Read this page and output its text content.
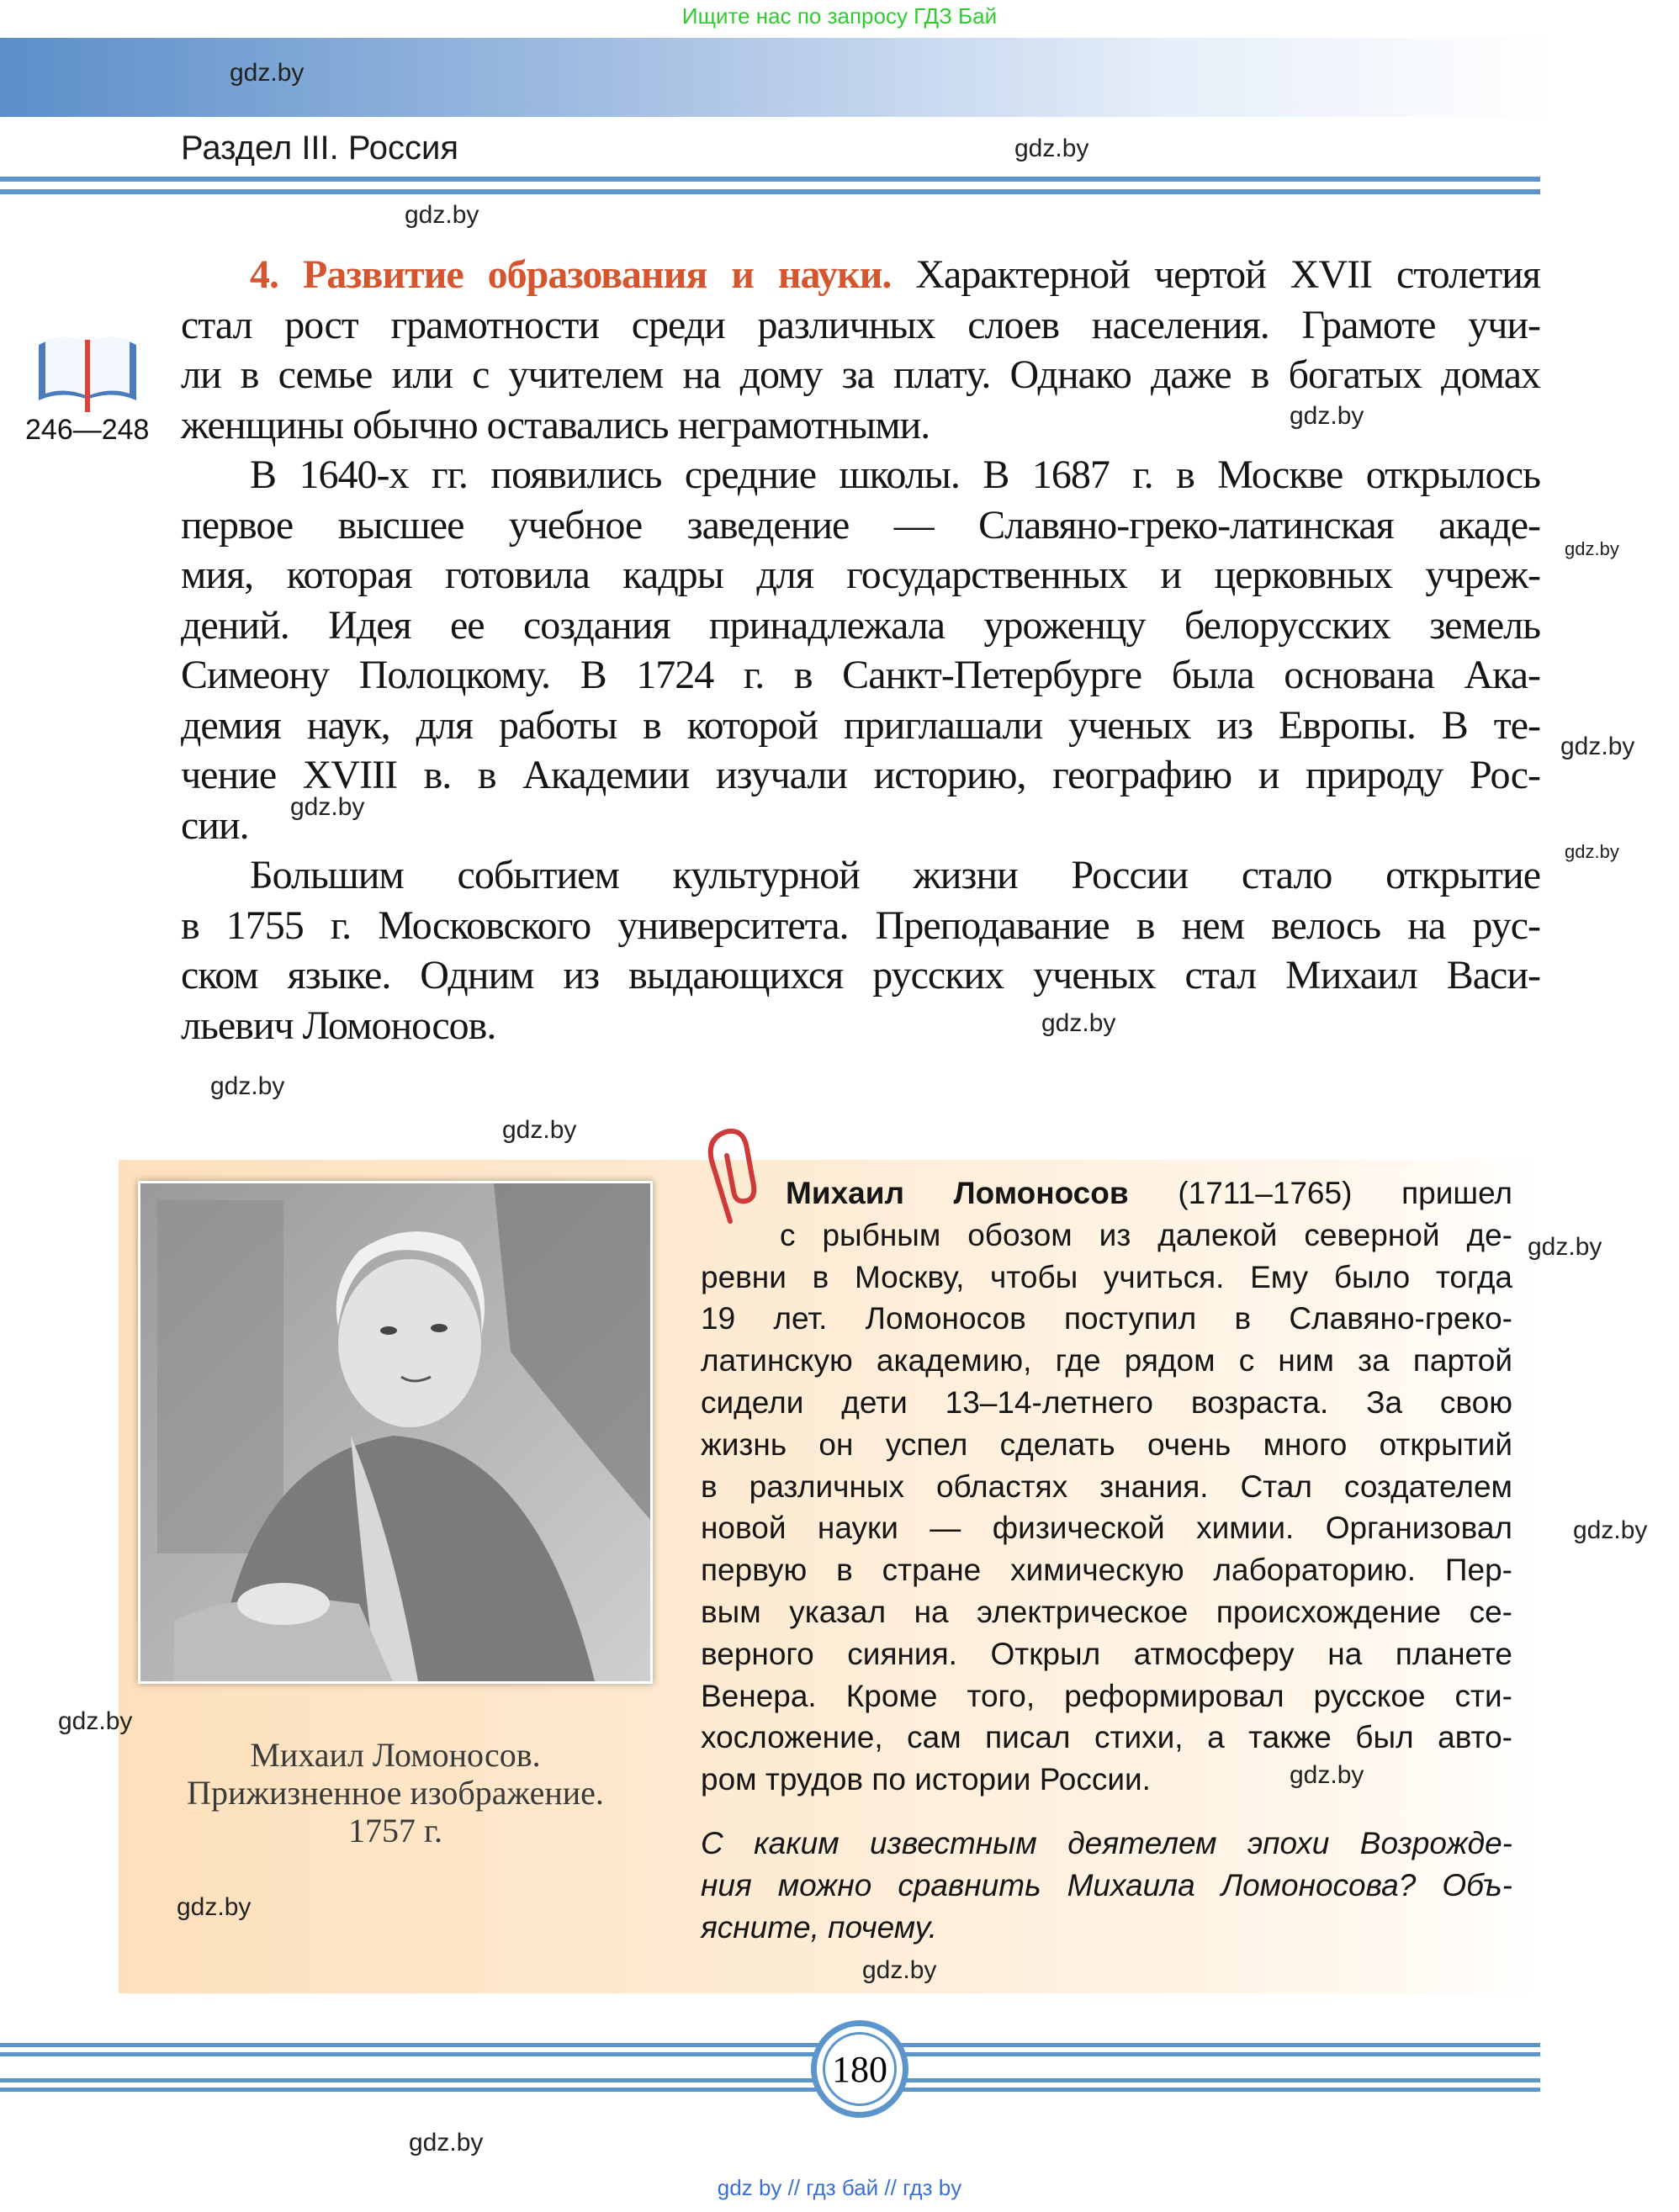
Ищите нас по запросу ГДЗ Бай
Раздел III. Россия
246—248
4. Развитие образования и науки. Характерной чертой XVII столетия
стал рост грамотности среди различных слоев населения. Грамоте учи-
ли в семье или с учителем на дому за плату. Однако даже в богатых домах
женщины обычно оставались неграмотными.
В 1640-х гг. появились средние школы. В 1687 г. в Москве открылось
первое высшее учебное заведение — Славяно-греко-латинская акаде-
мия, которая готовила кадры для государственных и церковных учреж-
дений. Идея ее создания принадлежала уроженцу белорусских земель
Симеону Полоцкому. В 1724 г. в Санкт-Петербурге была основана Ака-
демия наук, для работы в которой приглашали ученых из Европы. В те-
чение XVIII в. в Академии изучали историю, географию и природу Рос-
сии.
Большим событием культурной жизни России стало открытие
в 1755 г. Московского университета. Преподавание в нем велось на рус-
ском языке. Одним из выдающихся русских ученых стал Михаил Васи-
льевич Ломоносов.
Михаил Ломоносов.
Прижизненное изображение.
1757 г.
Михаил Ломоносов (1711–1765) пришел
с рыбным обозом из далекой северной де-
ревни в Москву, чтобы учиться. Ему было тогда
19 лет. Ломоносов поступил в Славяно-греко-
латинскую академию, где рядом с ним за партой
сидели дети 13–14-летнего возраста. За свою
жизнь он успел сделать очень много открытий
в различных областях знания. Стал создателем
новой науки — физической химии. Организовал
первую в стране химическую лабораторию. Пер-
вым указал на электрическое происхождение се-
верного сияния. Открыл атмосферу на планете
Венера. Кроме того, реформировал русское сти-
хосложение, сам писал стихи, а также был авто-
ром трудов по истории России.
С каким известным деятелем эпохи Возрожде-
ния можно сравнить Михаила Ломоносова? Объ-
ясните, почему.
180
gdz by // гдз бай // гдз by
gdz.by
gdz.by
gdz.by
gdz.by
gdz.by
gdz.by
gdz.by
gdz.by
gdz.by
gdz.by
gdz.by
gdz.by
gdz.by
gdz.by
gdz.by
gdz.by
gdz.by
gdz.by
